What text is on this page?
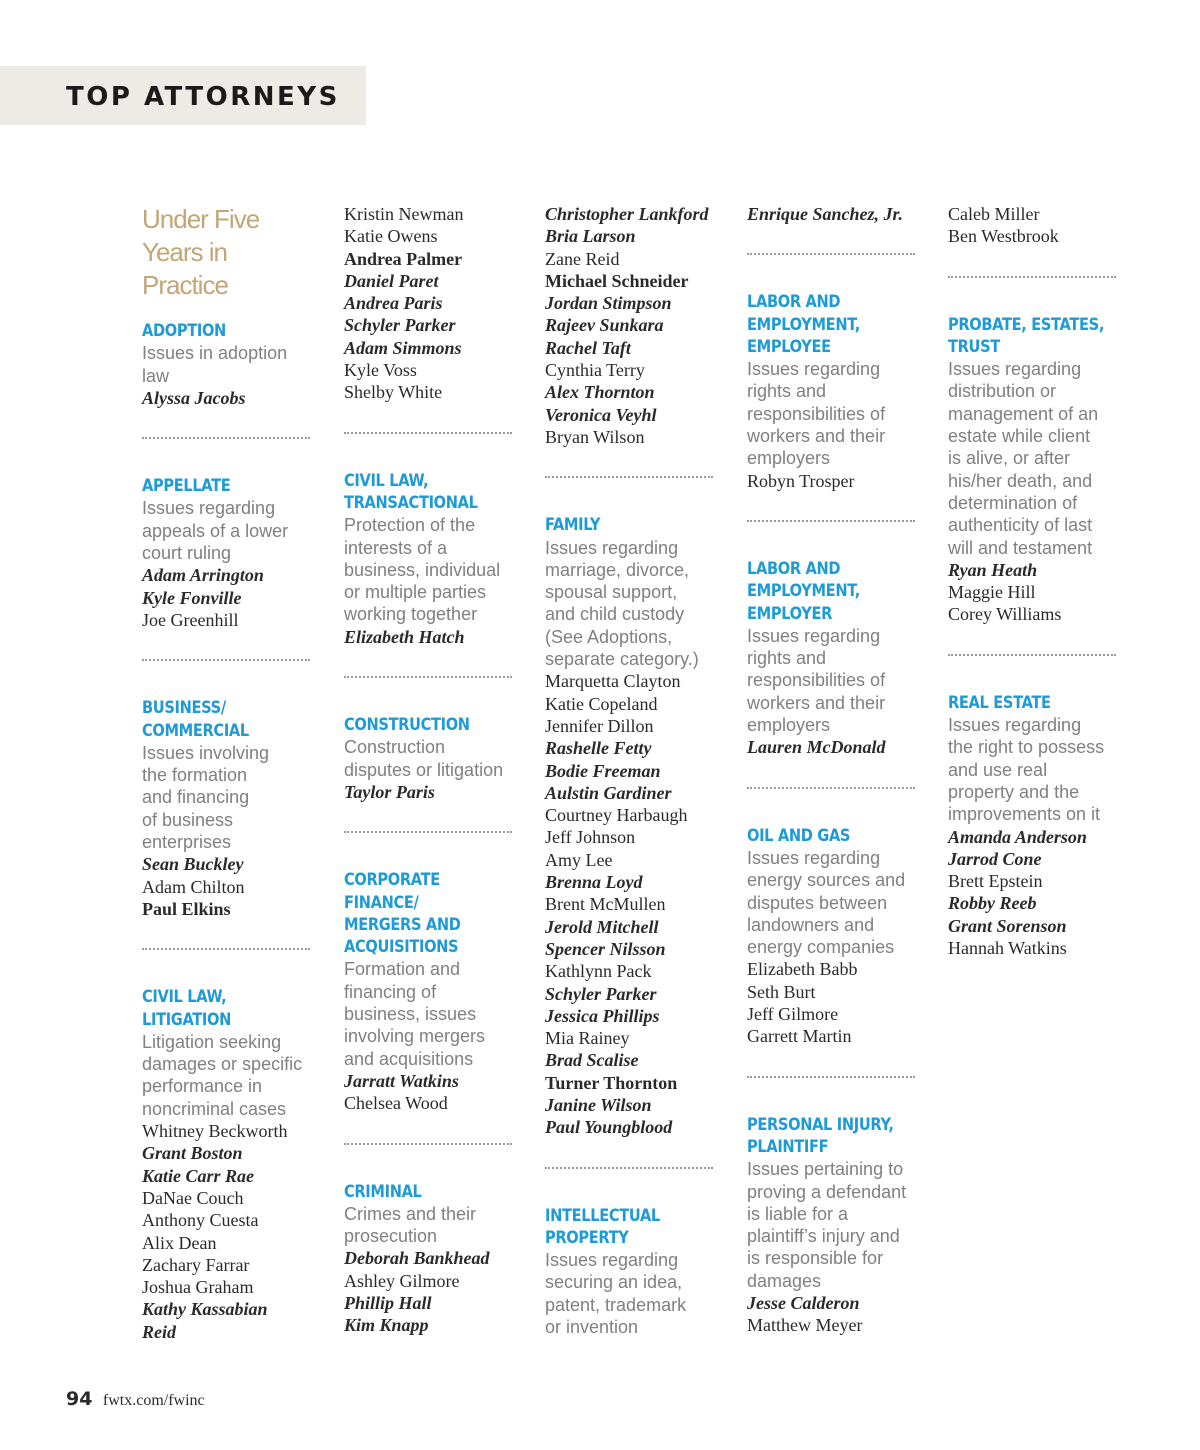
TOP ATTORNEYS
Under Five Years in Practice
ADOPTION
Issues in adoption
law
Alyssa Jacobs
APPELLATE
Issues regarding
appeals of a lower
court ruling
Adam Arrington
Kyle Fonville
Joe Greenhill
BUSINESS/
COMMERCIAL
Issues involving
the formation
and financing
of business
enterprises
Sean Buckley
Adam Chilton
Paul Elkins
CIVIL LAW,
LITIGATION
Litigation seeking
damages or specific
performance in
noncriminal cases
Whitney Beckworth
Grant Boston
Katie Carr Rae
DaNae Couch
Anthony Cuesta
Alix Dean
Zachary Farrar
Joshua Graham
Kathy Kassabian
Reid
Kristin Newman
Katie Owens
Andrea Palmer
Daniel Paret
Andrea Paris
Schyler Parker
Adam Simmons
Kyle Voss
Shelby White
CIVIL LAW,
TRANSACTIONAL
Protection of the
interests of a
business, individual
or multiple parties
working together
Elizabeth Hatch
CONSTRUCTION
Construction
disputes or litigation
Taylor Paris
CORPORATE
FINANCE/
MERGERS AND
ACQUISITIONS
Formation and
financing of
business, issues
involving mergers
and acquisitions
Jarratt Watkins
Chelsea Wood
CRIMINAL
Crimes and their
prosecution
Deborah Bankhead
Ashley Gilmore
Phillip Hall
Kim Knapp
Christopher Lankford
Bria Larson
Zane Reid
Michael Schneider
Jordan Stimpson
Rajeev Sunkara
Rachel Taft
Cynthia Terry
Alex Thornton
Veronica Veyhl
Bryan Wilson
FAMILY
Issues regarding
marriage, divorce,
spousal support,
and child custody
(See Adoptions,
separate category.)
Marquetta Clayton
Katie Copeland
Jennifer Dillon
Rashelle Fetty
Bodie Freeman
Aulstin Gardiner
Courtney Harbaugh
Jeff Johnson
Amy Lee
Brenna Loyd
Brent McMullen
Jerold Mitchell
Spencer Nilsson
Kathlynn Pack
Schyler Parker
Jessica Phillips
Mia Rainey
Brad Scalise
Turner Thornton
Janine Wilson
Paul Youngblood
INTELLECTUAL
PROPERTY
Issues regarding
securing an idea,
patent, trademark
or invention
Enrique Sanchez, Jr.
LABOR AND
EMPLOYMENT,
EMPLOYEE
Issues regarding
rights and
responsibilities of
workers and their
employers
Robyn Trosper
LABOR AND
EMPLOYMENT,
EMPLOYER
Issues regarding
rights and
responsibilities of
workers and their
employers
Lauren McDonald
OIL AND GAS
Issues regarding
energy sources and
disputes between
landowners and
energy companies
Elizabeth Babb
Seth Burt
Jeff Gilmore
Garrett Martin
PERSONAL INJURY,
PLAINTIFF
Issues pertaining to
proving a defendant
is liable for a
plaintiff’s injury and
is responsible for
damages
Jesse Calderon
Matthew Meyer
Caleb Miller
Ben Westbrook
PROBATE, ESTATES,
TRUST
Issues regarding
distribution or
management of an
estate while client
is alive, or after
his/her death, and
determination of
authenticity of last
will and testament
Ryan Heath
Maggie Hill
Corey Williams
REAL ESTATE
Issues regarding
the right to possess
and use real
property and the
improvements on it
Amanda Anderson
Jarrod Cone
Brett Epstein
Robby Reeb
Grant Sorenson
Hannah Watkins
94 fwtx.com/fwinc
